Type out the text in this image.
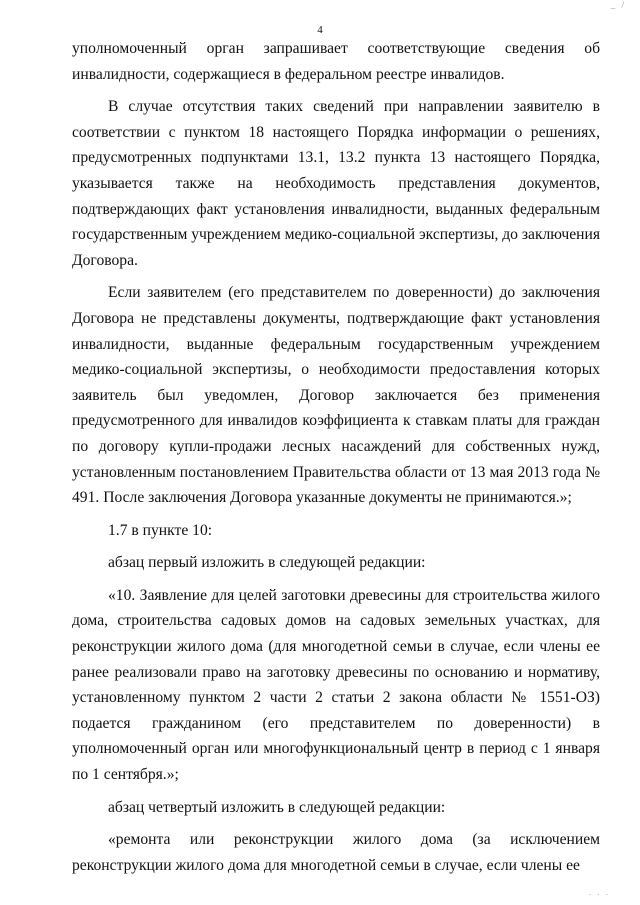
_ /
4

уполномоченный орган запрашивает соответствующие сведения об инвалидности, содержащиеся в федеральном реестре инвалидов.

В случае отсутствия таких сведений при направлении заявителю в соответствии с пунктом 18 настоящего Порядка информации о решениях, предусмотренных подпунктами 13.1, 13.2 пункта 13 настоящего Порядка, указывается также на необходимость представления документов, подтверждающих факт установления инвалидности, выданных федеральным государственным учреждением медико-социальной экспертизы, до заключения Договора.

Если заявителем (его представителем по доверенности) до заключения Договора не представлены документы, подтверждающие факт установления инвалидности, выданные федеральным государственным учреждением медико-социальной экспертизы, о необходимости предоставления которых заявитель был уведомлен, Договор заключается без применения предусмотренного для инвалидов коэффициента к ставкам платы для граждан по договору купли-продажи лесных насаждений для собственных нужд, установленным постановлением Правительства области от 13 мая 2013 года № 491. После заключения Договора указанные документы не принимаются.»;

1.7 в пункте 10:

абзац первый изложить в следующей редакции:

«10. Заявление для целей заготовки древесины для строительства жилого дома, строительства садовых домов на садовых земельных участках, для реконструкции жилого дома (для многодетной семьи в случае, если члены ее ранее реализовали право на заготовку древесины по основанию и нормативу, установленному пунктом 2 части 2 статьи 2 закона области № 1551-ОЗ) подается гражданином (его представителем по доверенности) в уполномоченный орган или многофункциональный центр в период с 1 января по 1 сентября.»;

абзац четвертый изложить в следующей редакции:

«ремонта или реконструкции жилого дома (за исключением реконструкции жилого дома для многодетной семьи в случае, если члены ее

. . .
